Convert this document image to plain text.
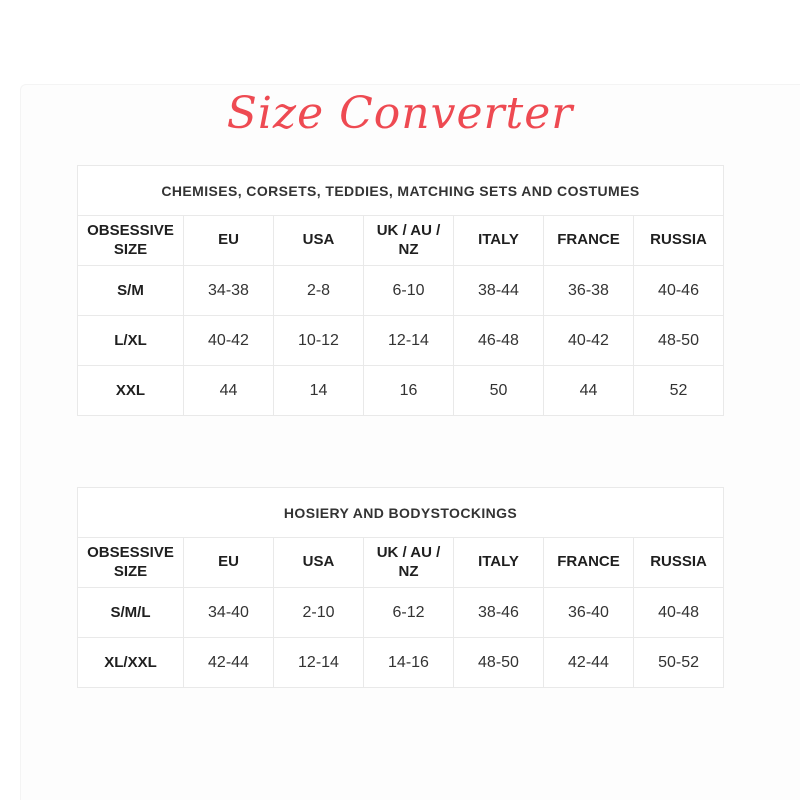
Size Converter
CHEMISES, CORSETS, TEDDIES, MATCHING SETS AND COSTUMES						
OBSESSIVE SIZE	EU	USA	UK / AU / NZ	ITALY	FRANCE	RUSSIA
S/M	34-38	2-8	6-10	38-44	36-38	40-46
L/XL	40-42	10-12	12-14	46-48	40-42	48-50
XXL	44	14	16	50	44	52
HOSIERY AND BODYSTOCKINGS						
OBSESSIVE SIZE	EU	USA	UK / AU / NZ	ITALY	FRANCE	RUSSIA
S/M/L	34-40	2-10	6-12	38-46	36-40	40-48
XL/XXL	42-44	12-14	14-16	48-50	42-44	50-52
